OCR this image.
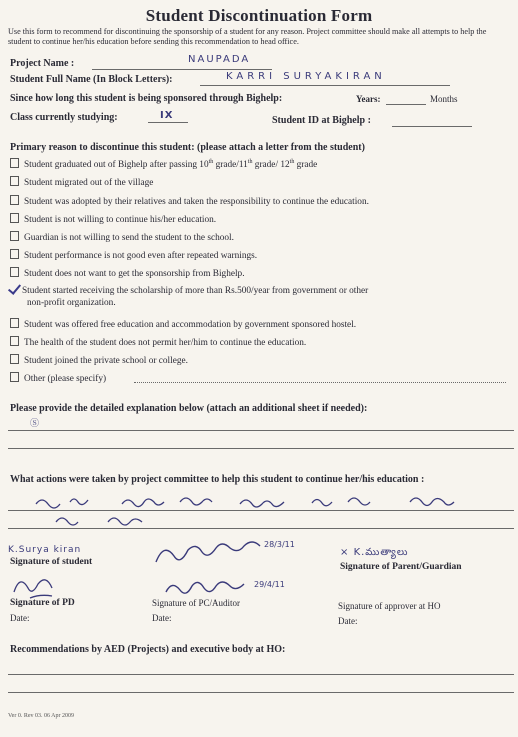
Student Discontinuation Form
Use this form to recommend for discontinuing the sponsorship of a student for any reason. Project committee should make all attempts to help the student to continue her/his education before sending this recommendation to head office.
Project Name :	NAUPADA
Student Full Name (In Block Letters):	KARRI SURYAKIRAN
Since how long this student is being sponsored through Bighelp:	Years:	Months
Class currently studying:	IX	Student ID at Bighelp :
Primary reason to discontinue this student: (please attach a letter from the student)
Student graduated out of Bighelp after passing 10th grade/11th grade/ 12th grade
Student migrated out of the village
Student was adopted by their relatives and taken the responsibility to continue the education.
Student is not willing to continue his/her education.
Guardian is not willing to send the student to the school.
Student performance is not good even after repeated warnings.
Student does not want to get the sponsorship from Bighelp.
Student started receiving the scholarship of more than Rs.500/year from government or other
non-profit organization.
Student was offered free education and accommodation by government sponsored hostel.
The health of the student does not permit her/him to continue the education.
Student joined the private school or college.
Other (please specify)
Please provide the detailed explanation below (attach an additional sheet if needed):
Ⓢ
What actions were taken by project committee to help this student to continue her/his education :
K.Surya kiran
Signature of student
28/3/11
× K.ముత్యాలు
Signature of Parent/Guardian
29/4/11
Signature of PD	Signature of PC/Auditor	Signature of approver at HO
Date:	Date:	Date:
Recommendations by AED (Projects) and executive body at HO:
Ver 0. Rev 03. 06 Apr 2009
